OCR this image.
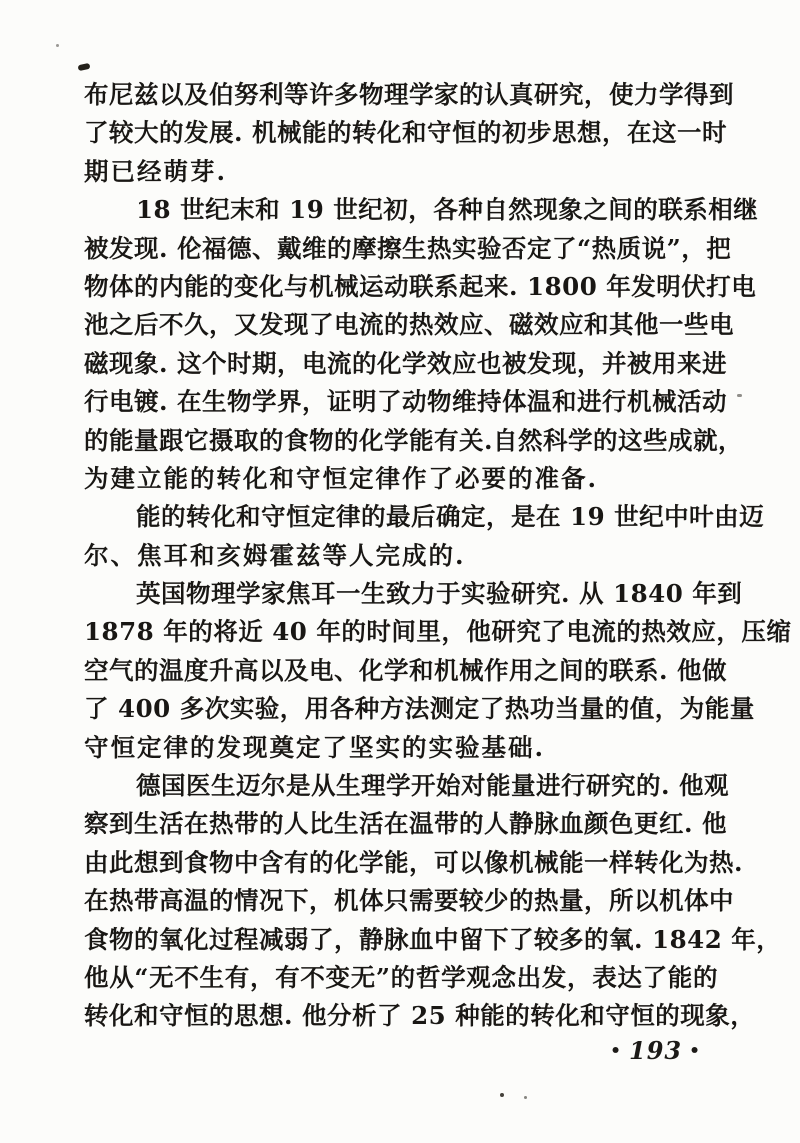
布尼兹以及伯努利等许多物理学家的认真研究，使力学得到
了较大的发展. 机械能的转化和守恒的初步思想，在这一时
期已经萌芽.
18 世纪末和 19 世纪初，各种自然现象之间的联系相继
被发现. 伦福德、戴维的摩擦生热实验否定了“热质说”，把
物体的内能的变化与机械运动联系起来. 1800 年发明伏打电
池之后不久，又发现了电流的热效应、磁效应和其他一些电
磁现象. 这个时期，电流的化学效应也被发现，并被用来进
行电镀. 在生物学界，证明了动物维持体温和进行机械活动
的能量跟它摄取的食物的化学能有关.自然科学的这些成就，
为建立能的转化和守恒定律作了必要的准备.
能的转化和守恒定律的最后确定，是在 19 世纪中叶由迈
尔、焦耳和亥姆霍兹等人完成的.
英国物理学家焦耳一生致力于实验研究. 从 1840 年到
1878 年的将近 40 年的时间里，他研究了电流的热效应，压缩
空气的温度升高以及电、化学和机械作用之间的联系. 他做
了 400 多次实验，用各种方法测定了热功当量的值，为能量
守恒定律的发现奠定了坚实的实验基础.
德国医生迈尔是从生理学开始对能量进行研究的. 他观
察到生活在热带的人比生活在温带的人静脉血颜色更红. 他
由此想到食物中含有的化学能，可以像机械能一样转化为热.
在热带高温的情况下，机体只需要较少的热量，所以机体中
食物的氧化过程减弱了，静脉血中留下了较多的氧. 1842 年，
他从“无不生有，有不变无”的哲学观念出发，表达了能的
转化和守恒的思想. 他分析了 25 种能的转化和守恒的现象，
• 193 •
